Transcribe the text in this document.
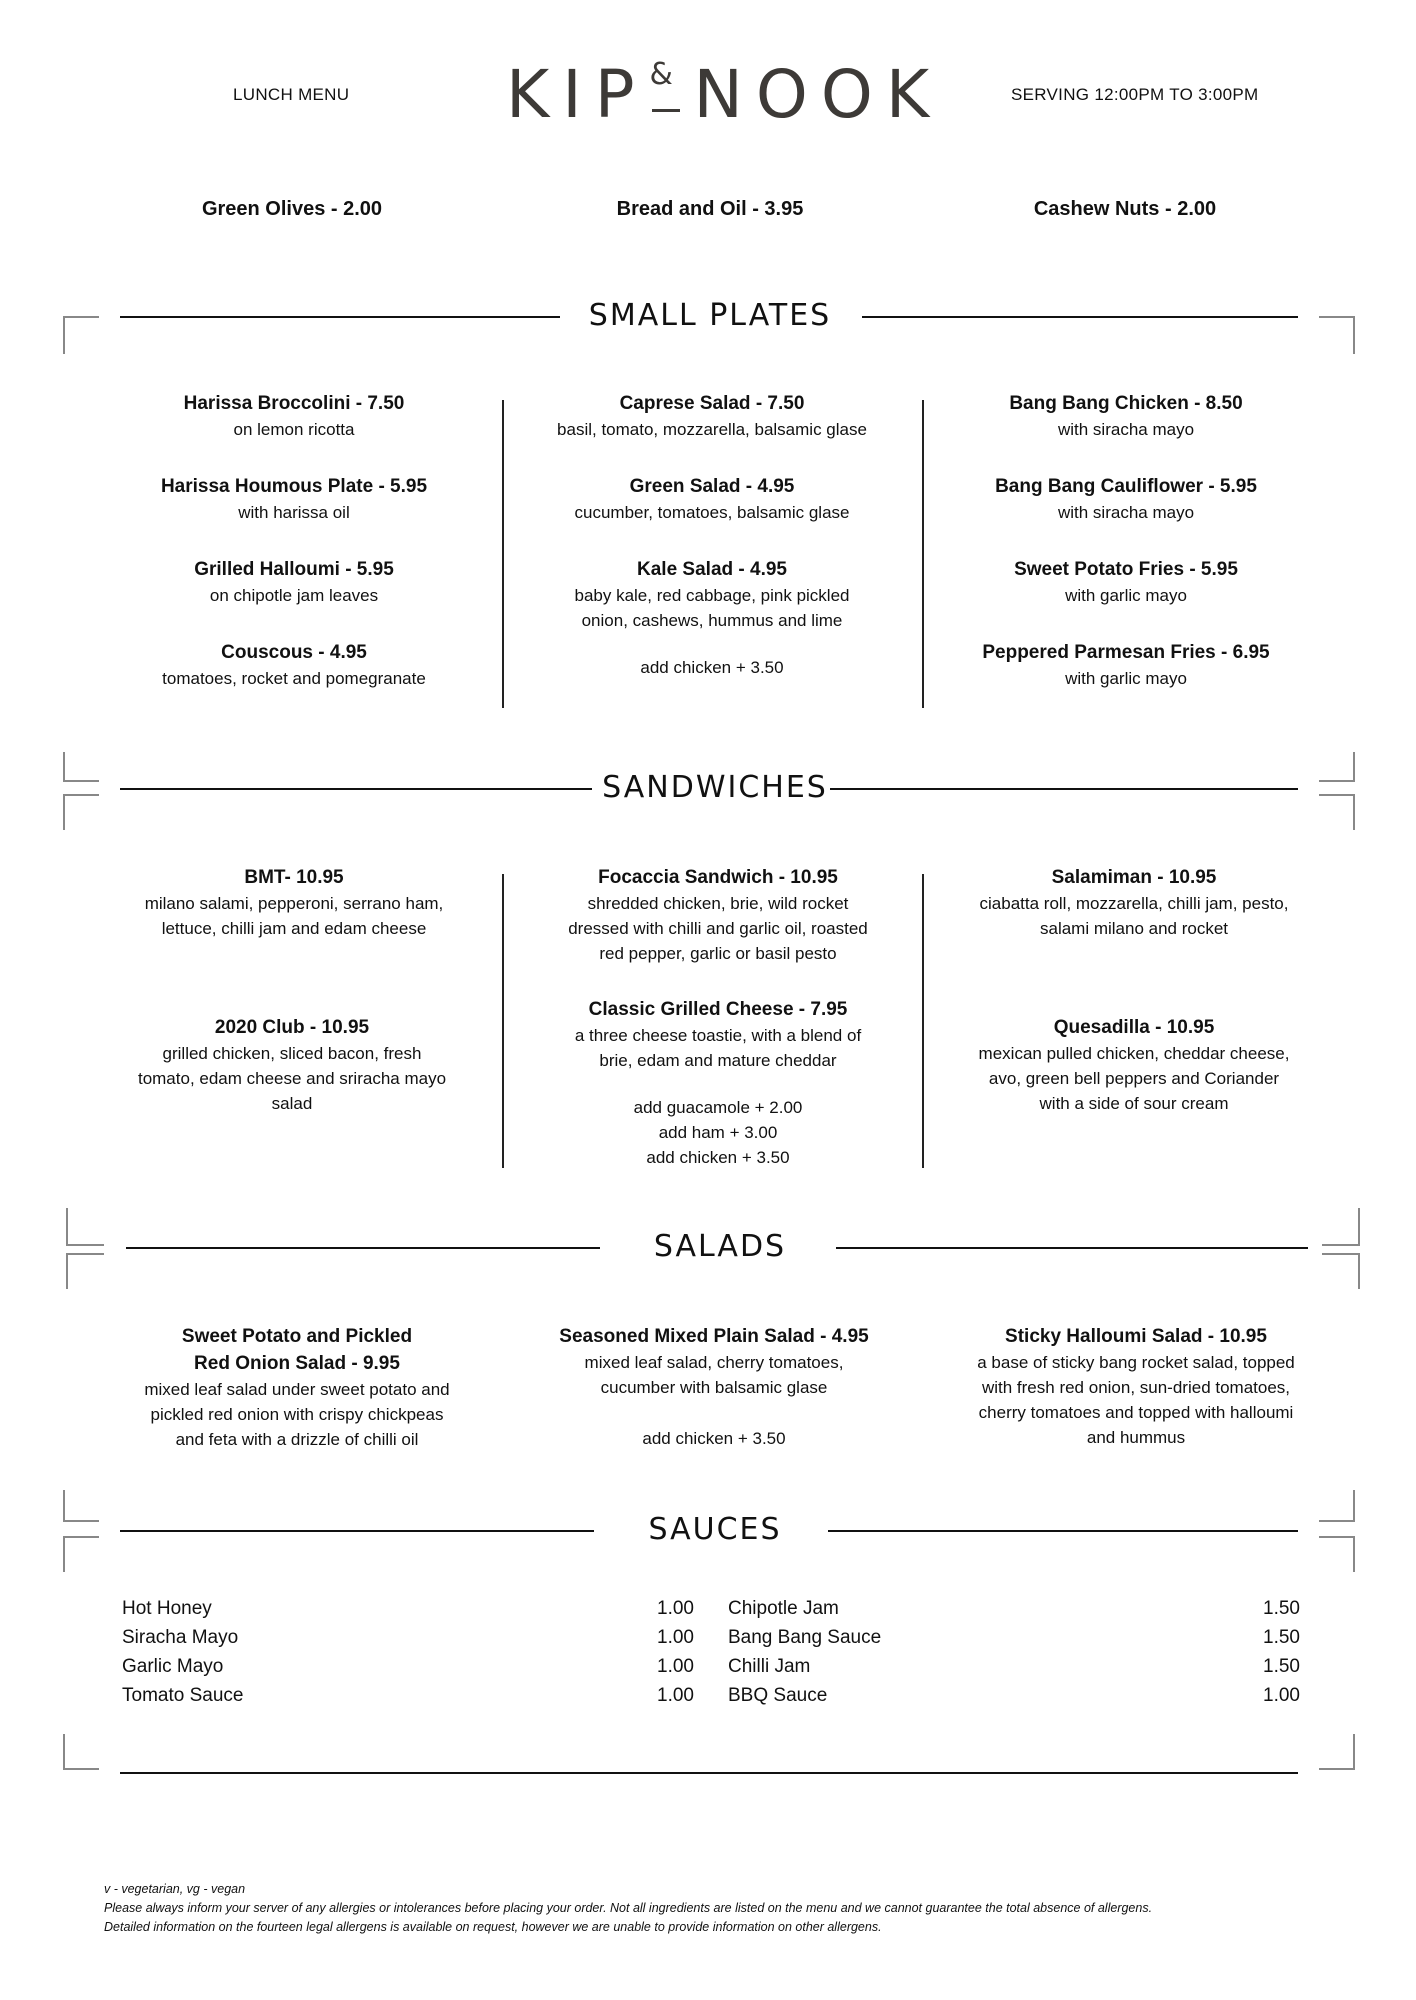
LUNCH MENU KIP & NOOK	SERVING 12:00PM TO 3:00PM
Green Olives - 2.00	Bread and Oil - 3.95	Cashew Nuts - 2.00
SMALL PLATES
Harissa Broccolini - 7.50
on lemon ricotta
Harissa Houmous Plate - 5.95
with harissa oil
Grilled Halloumi - 5.95
on chipotle jam leaves
Couscous - 4.95
tomatoes, rocket and pomegranate
Caprese Salad - 7.50
basil, tomato, mozzarella, balsamic glase
Green Salad - 4.95
cucumber, tomatoes, balsamic glase
Kale Salad - 4.95
baby kale, red cabbage, pink pickled
onion, cashews, hummus and lime
add chicken + 3.50
Bang Bang Chicken - 8.50
with siracha mayo
Bang Bang Cauliflower - 5.95
with siracha mayo
Sweet Potato Fries - 5.95
with garlic mayo
Peppered Parmesan Fries - 6.95
with garlic mayo
SANDWICHES
BMT- 10.95
milano salami, pepperoni, serrano ham,
lettuce, chilli jam and edam cheese
2020 Club - 10.95
grilled chicken, sliced bacon, fresh
tomato, edam cheese and sriracha mayo
salad
Focaccia Sandwich - 10.95
shredded chicken, brie, wild rocket
dressed with chilli and garlic oil, roasted
red pepper, garlic or basil pesto
Classic Grilled Cheese - 7.95
a three cheese toastie, with a blend of
brie, edam and mature cheddar
add guacamole + 2.00
add ham + 3.00
add chicken + 3.50
Salamiman - 10.95
ciabatta roll, mozzarella, chilli jam, pesto,
salami milano and rocket
Quesadilla - 10.95
mexican pulled chicken, cheddar cheese,
avo, green bell peppers and Coriander
with a side of sour cream
SALADS
Sweet Potato and Pickled
Red Onion Salad - 9.95
mixed leaf salad under sweet potato and
pickled red onion with crispy chickpeas
and feta with a drizzle of chilli oil
Seasoned Mixed Plain Salad - 4.95
mixed leaf salad, cherry tomatoes,
cucumber with balsamic glase
add chicken + 3.50
Sticky Halloumi Salad - 10.95
a base of sticky bang rocket salad, topped
with fresh red onion, sun-dried tomatoes,
cherry tomatoes and topped with halloumi
and hummus
SAUCES
Hot Honey	1.00
Siracha Mayo	1.00
Garlic Mayo	1.00
Tomato Sauce	1.00
Chipotle Jam	1.50
Bang Bang Sauce	1.50
Chilli Jam	1.50
BBQ Sauce	1.00
v - vegetarian, vg - vegan
Please always inform your server of any allergies or intolerances before placing your order. Not all ingredients are listed on the menu and we cannot guarantee the total absence of allergens.
Detailed information on the fourteen legal allergens is available on request, however we are unable to provide information on other allergens.
